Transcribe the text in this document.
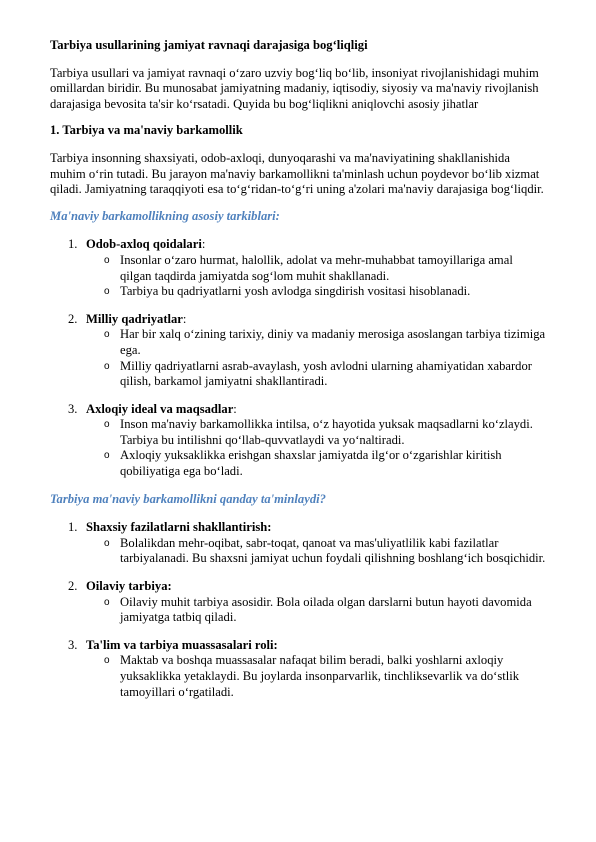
Tarbiya usullarining jamiyat ravnaqi darajasiga bog‘liqligi

Tarbiya usullari va jamiyat ravnaqi o‘zaro uzviy bog‘liq bo‘lib, insoniyat rivojlanishidagi muhim omillardan biridir. Bu munosabat jamiyatning madaniy, iqtisodiy, siyosiy va ma'naviy rivojlanish darajasiga bevosita ta'sir ko‘rsatadi. Quyida bu bog‘liqlikni aniqlovchi asosiy jihatlar

1. Tarbiya va ma'naviy barkamollik

Tarbiya insonning shaxsiyati, odob-axloqi, dunyoqarashi va ma'naviyatining shakllanishida muhim o‘rin tutadi. Bu jarayon ma'naviy barkamollikni ta'minlash uchun poydevor bo‘lib xizmat qiladi. Jamiyatning taraqqiyoti esa to‘g‘ridan-to‘g‘ri uning a'zolari ma'naviy darajasiga bog‘liqdir.

Ma'naviy barkamollikning asosiy tarkiblari:
1. Odob-axloq qoidalari:
o Insonlar o‘zaro hurmat, halollik, adolat va mehr-muhabbat tamoyillariga amal qilgan taqdirda jamiyatda sog‘lom muhit shakllanadi.
o Tarbiya bu qadriyatlarni yosh avlodga singdirish vositasi hisoblanadi.
2. Milliy qadriyatlar:
o Har bir xalq o‘zining tarixiy, diniy va madaniy merosiga asoslangan tarbiya tizimiga ega.
o Milliy qadriyatlarni asrab-avaylash, yosh avlodni ularning ahamiyatidan xabardor qilish, barkamol jamiyatni shakllantiradi.
3. Axloqiy ideal va maqsadlar:
o Inson ma'naviy barkamollikka intilsa, o‘z hayotida yuksak maqsadlarni ko‘zlaydi. Tarbiya bu intilishni qo‘llab-quvvatlaydi va yo‘naltiradi.
o Axloqiy yuksaklikka erishgan shaxslar jamiyatda ilg‘or o‘zgarishlar kiritish qobiliyatiga ega bo‘ladi.
Tarbiya ma'naviy barkamollikni qanday ta'minlaydi?
1. Shaxsiy fazilatlarni shakllantirish:
o Bolalikdan mehr-oqibat, sabr-toqat, qanoat va mas'uliyatlilik kabi fazilatlar tarbiyalanadi. Bu shaxsni jamiyat uchun foydali qilishning boshlang‘ich bosqichidir.
2. Oilaviy tarbiya:
o Oilaviy muhit tarbiya asosidir. Bola oilada olgan darslarni butun hayoti davomida jamiyatga tatbiq qiladi.
3. Ta'lim va tarbiya muassasalari roli:
o Maktab va boshqa muassasalar nafaqat bilim beradi, balki yoshlarni axloqiy yuksaklikka yetaklaydi. Bu joylarda insonparvarlik, tinchliksevarlik va do‘stlik tamoyillari o‘rgatiladi.
